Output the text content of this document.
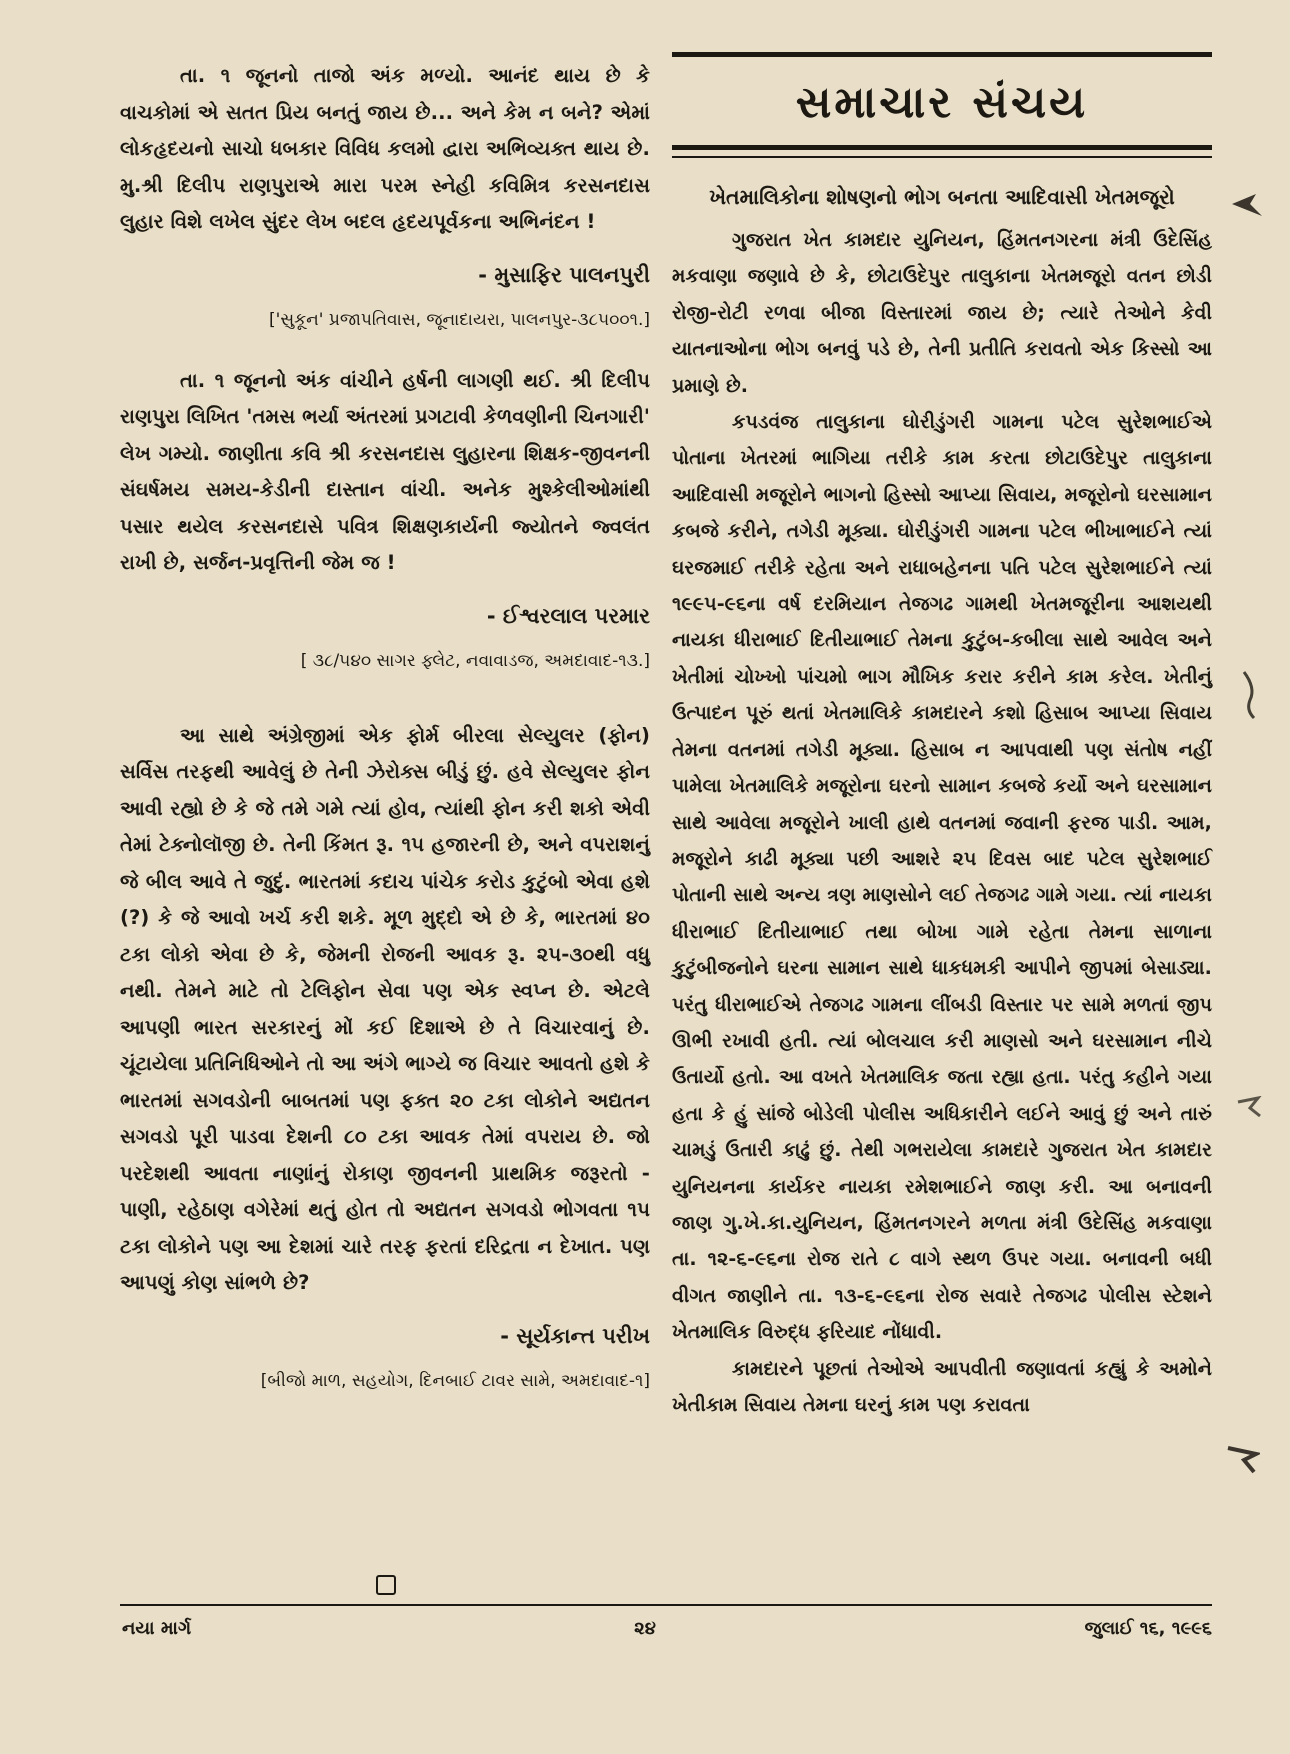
તા. ૧ જૂનનો તાજો અંક મળ્યો. આનંદ થાય છે કે વાચકોમાં એ સતત પ્રિય બનતું જાય છે... અને કેમ ન બને? એમાં લોકહૃદયનો સાચો ધબકાર વિવિધ કલમો દ્વારા અભિવ્યક્ત થાય છે. મુ.શ્રી દિલીપ રાણપુરાએ મારા પરમ સ્નેહી કવિમિત્ર કરસનદાસ લુહાર વિશે લખેલ સુંદર લેખ બદલ હૃદયપૂર્વકના અભિનંદન !

- મુસાફિર પાલનપુરી
['સુકૂન' પ્રજાપતિવાસ, જૂનાદાયરા, પાલનપુર-૩૮૫૦૦૧.]

તા. ૧ જૂનનો અંક વાંચીને હર્ષની લાગણી થઈ. શ્રી દિલીપ રાણપુરા લિખિત 'તમસ ભર્યા અંતરમાં પ્રગટાવી કેળવણીની ચિનગારી' લેખ ગમ્યો. જાણીતા કવિ શ્રી કરસનદાસ લુહારના શિક્ષક-જીવનની સંઘર્ષમય સમય-કેડીની દાસ્તાન વાંચી. અનેક મુશ્કેલીઓમાંથી પસાર થયેલ કરસનદાસે પવિત્ર શિક્ષણકાર્યની જ્યોતને જ્વલંત રાખી છે, સર્જન-પ્રવૃત્તિની જેમ જ !

- ઈશ્વરલાલ પરમાર
[ ૩૮/૫૪૦ સાગર ફ્લેટ, નવાવાડજ, અમદાવાદ-૧૩.]

આ સાથે અંગ્રેજીમાં એક ફોર્મ બીરલા સેલ્યુલર (ફોન) સર્વિસ તરફથી આવેલું છે તેની ઝેરોક્સ બીડું છું. હવે સેલ્યુલર ફોન આવી રહ્યો છે કે જે તમે ગમે ત્યાં હોવ, ત્યાંથી ફોન કરી શકો એવી તેમાં ટેક્નોલૉજી છે. તેની કિંમત રૂ. ૧૫ હજારની છે, અને વપરાશનું જે બીલ આવે તે જુદું. ભારતમાં કદાચ પાંચેક કરોડ કુટુંબો એવા હશે (?) કે જે આવો ખર્ચ કરી શકે. મૂળ મુદ્દો એ છે કે, ભારતમાં ૪૦ ટકા લોકો એવા છે કે, જેમની રોજની આવક રૂ. ૨૫-૩૦થી વધુ નથી. તેમને માટે તો ટેલિફોન સેવા પણ એક સ્વપ્ન છે. એટલે આપણી ભારત સરકારનું મોં કઈ દિશાએ છે તે વિચારવાનું છે. ચૂંટાયેલા પ્રતિનિધિઓને તો આ અંગે ભાગ્યે જ વિચાર આવતો હશે કે ભારતમાં સગવડોની બાબતમાં પણ ફક્ત ૨૦ ટકા લોકોને અદ્યતન સગવડો પૂરી પાડવા દેશની ૮૦ ટકા આવક તેમાં વપરાય છે. જો પરદેશથી આવતા નાણાંનું રોકાણ જીવનની પ્રાથમિક જરૂરતો - પાણી, રહેઠાણ વગેરેમાં થતું હોત તો અદ્યતન સગવડો ભોગવતા ૧૫ ટકા લોકોને પણ આ દેશમાં ચારે તરફ ફરતાં દરિદ્રતા ન દેખાત. પણ આપણું કોણ સાંભળે છે?

- સૂર્યકાન્ત પરીખ
[બીજો માળ, સહયોગ, દિનબાઈ ટાવર સામે, અમદાવાદ-૧]
સમાચાર સંચય
ખેતમાલિકોના શોષણનો ભોગ બનતા આદિવાસી ખેતમજૂરો

ગુજરાત ખેત કામદાર યુનિયન, હિંમતનગરના મંત્રી ઉદેસિંહ મકવાણા જણાવે છે કે, છોટાઉદેપુર તાલુકાના ખેતમજૂરો વતન છોડી રોજી-રોટી રળવા બીજા વિસ્તારમાં જાય છે; ત્યારે તેઓને કેવી યાતનાઓના ભોગ બનવું પડે છે, તેની પ્રતીતિ કરાવતો એક કિસ્સો આ પ્રમાણે છે.

કપડવંજ તાલુકાના ઘોરીડુંગરી ગામના પટેલ સુરેશભાઈએ પોતાના ખેતરમાં ભાગિયા તરીકે કામ કરતા છોટાઉદેપુર તાલુકાના આદિવાસી મજૂરોને ભાગનો હિસ્સો આપ્યા સિવાય, મજૂરોનો ઘરસામાન કબજે કરીને, તગેડી મૂક્યા. ઘોરીડુંગરી ગામના પટેલ ભીખાભાઈને ત્યાં ઘરજમાઈ તરીકે રહેતા અને રાધાબહેનના પતિ પટેલ સુરેશભાઈને ત્યાં ૧૯૯૫-૯૬ના વર્ષ દરમિયાન તેજગઢ ગામથી ખેતમજૂરીના આશયથી નાયકા ધીરાભાઈ દિતીયાભાઈ તેમના કુટુંબ-કબીલા સાથે આવેલ અને ખેતીમાં ચોખ્ખો પાંચમો ભાગ મૌખિક કરાર કરીને કામ કરેલ. ખેતીનું ઉત્પાદન પૂરું થતાં ખેતમાલિકે કામદારને કશો હિસાબ આપ્યા સિવાય તેમના વતનમાં તગેડી મૂક્યા. હિસાબ ન આપવાથી પણ સંતોષ નહીં પામેલા ખેતમાલિકે મજૂરોના ઘરનો સામાન કબજે કર્યો અને ઘરસામાન સાથે આવેલા મજૂરોને ખાલી હાથે વતનમાં જવાની ફરજ પાડી. આમ, મજૂરોને કાઢી મૂક્યા પછી આશરે ૨૫ દિવસ બાદ પટેલ સુરેશભાઈ પોતાની સાથે અન્ય ત્રણ માણસોને લઈ તેજગઢ ગામે ગયા. ત્યાં નાયકા ધીરાભાઈ દિતીયાભાઈ તથા બોખા ગામે રહેતા તેમના સાળાના કુટુંબીજનોને ઘરના સામાન સાથે ધાકધમકી આપીને જીપમાં બેસાડ્યા. પરંતુ ધીરાભાઈએ તેજગઢ ગામના લીંબડી વિસ્તાર પર સામે મળતાં જીપ ઊભી રખાવી હતી. ત્યાં બોલચાલ કરી માણસો અને ઘરસામાન નીચે ઉતાર્યો હતો. આ વખતે ખેતમાલિક જતા રહ્યા હતા. પરંતુ કહીને ગયા હતા કે હું સાંજે બોડેલી પોલીસ અધિકારીને લઈને આવું છું અને તારું ચામડું ઉતારી કાઢું છું. તેથી ગભરાયેલા કામદારે ગુજરાત ખેત કામદાર યુનિયનના કાર્યકર નાયકા રમેશભાઈને જાણ કરી. આ બનાવની જાણ ગુ.ખે.કા.યુનિયન, હિંમતનગરને મળતા મંત્રી ઉદેસિંહ મકવાણા તા. ૧૨-૬-૯૬ના રોજ રાતે ૮ વાગે સ્થળ ઉપર ગયા. બનાવની બધી વીગત જાણીને તા. ૧૩-૬-૯૬ના રોજ સવારે તેજગઢ પોલીસ સ્ટેશને ખેતમાલિક વિરુદ્ધ ફરિયાદ નોંધાવી.

કામદારને પૂછતાં તેઓએ આપવીતી જણાવતાં કહ્યું કે અમોને ખેતીકામ સિવાય તેમના ઘરનું કામ પણ કરાવતા

નયા માર્ગ	૨૪	જુલાઈ ૧૬, ૧૯૯૬
